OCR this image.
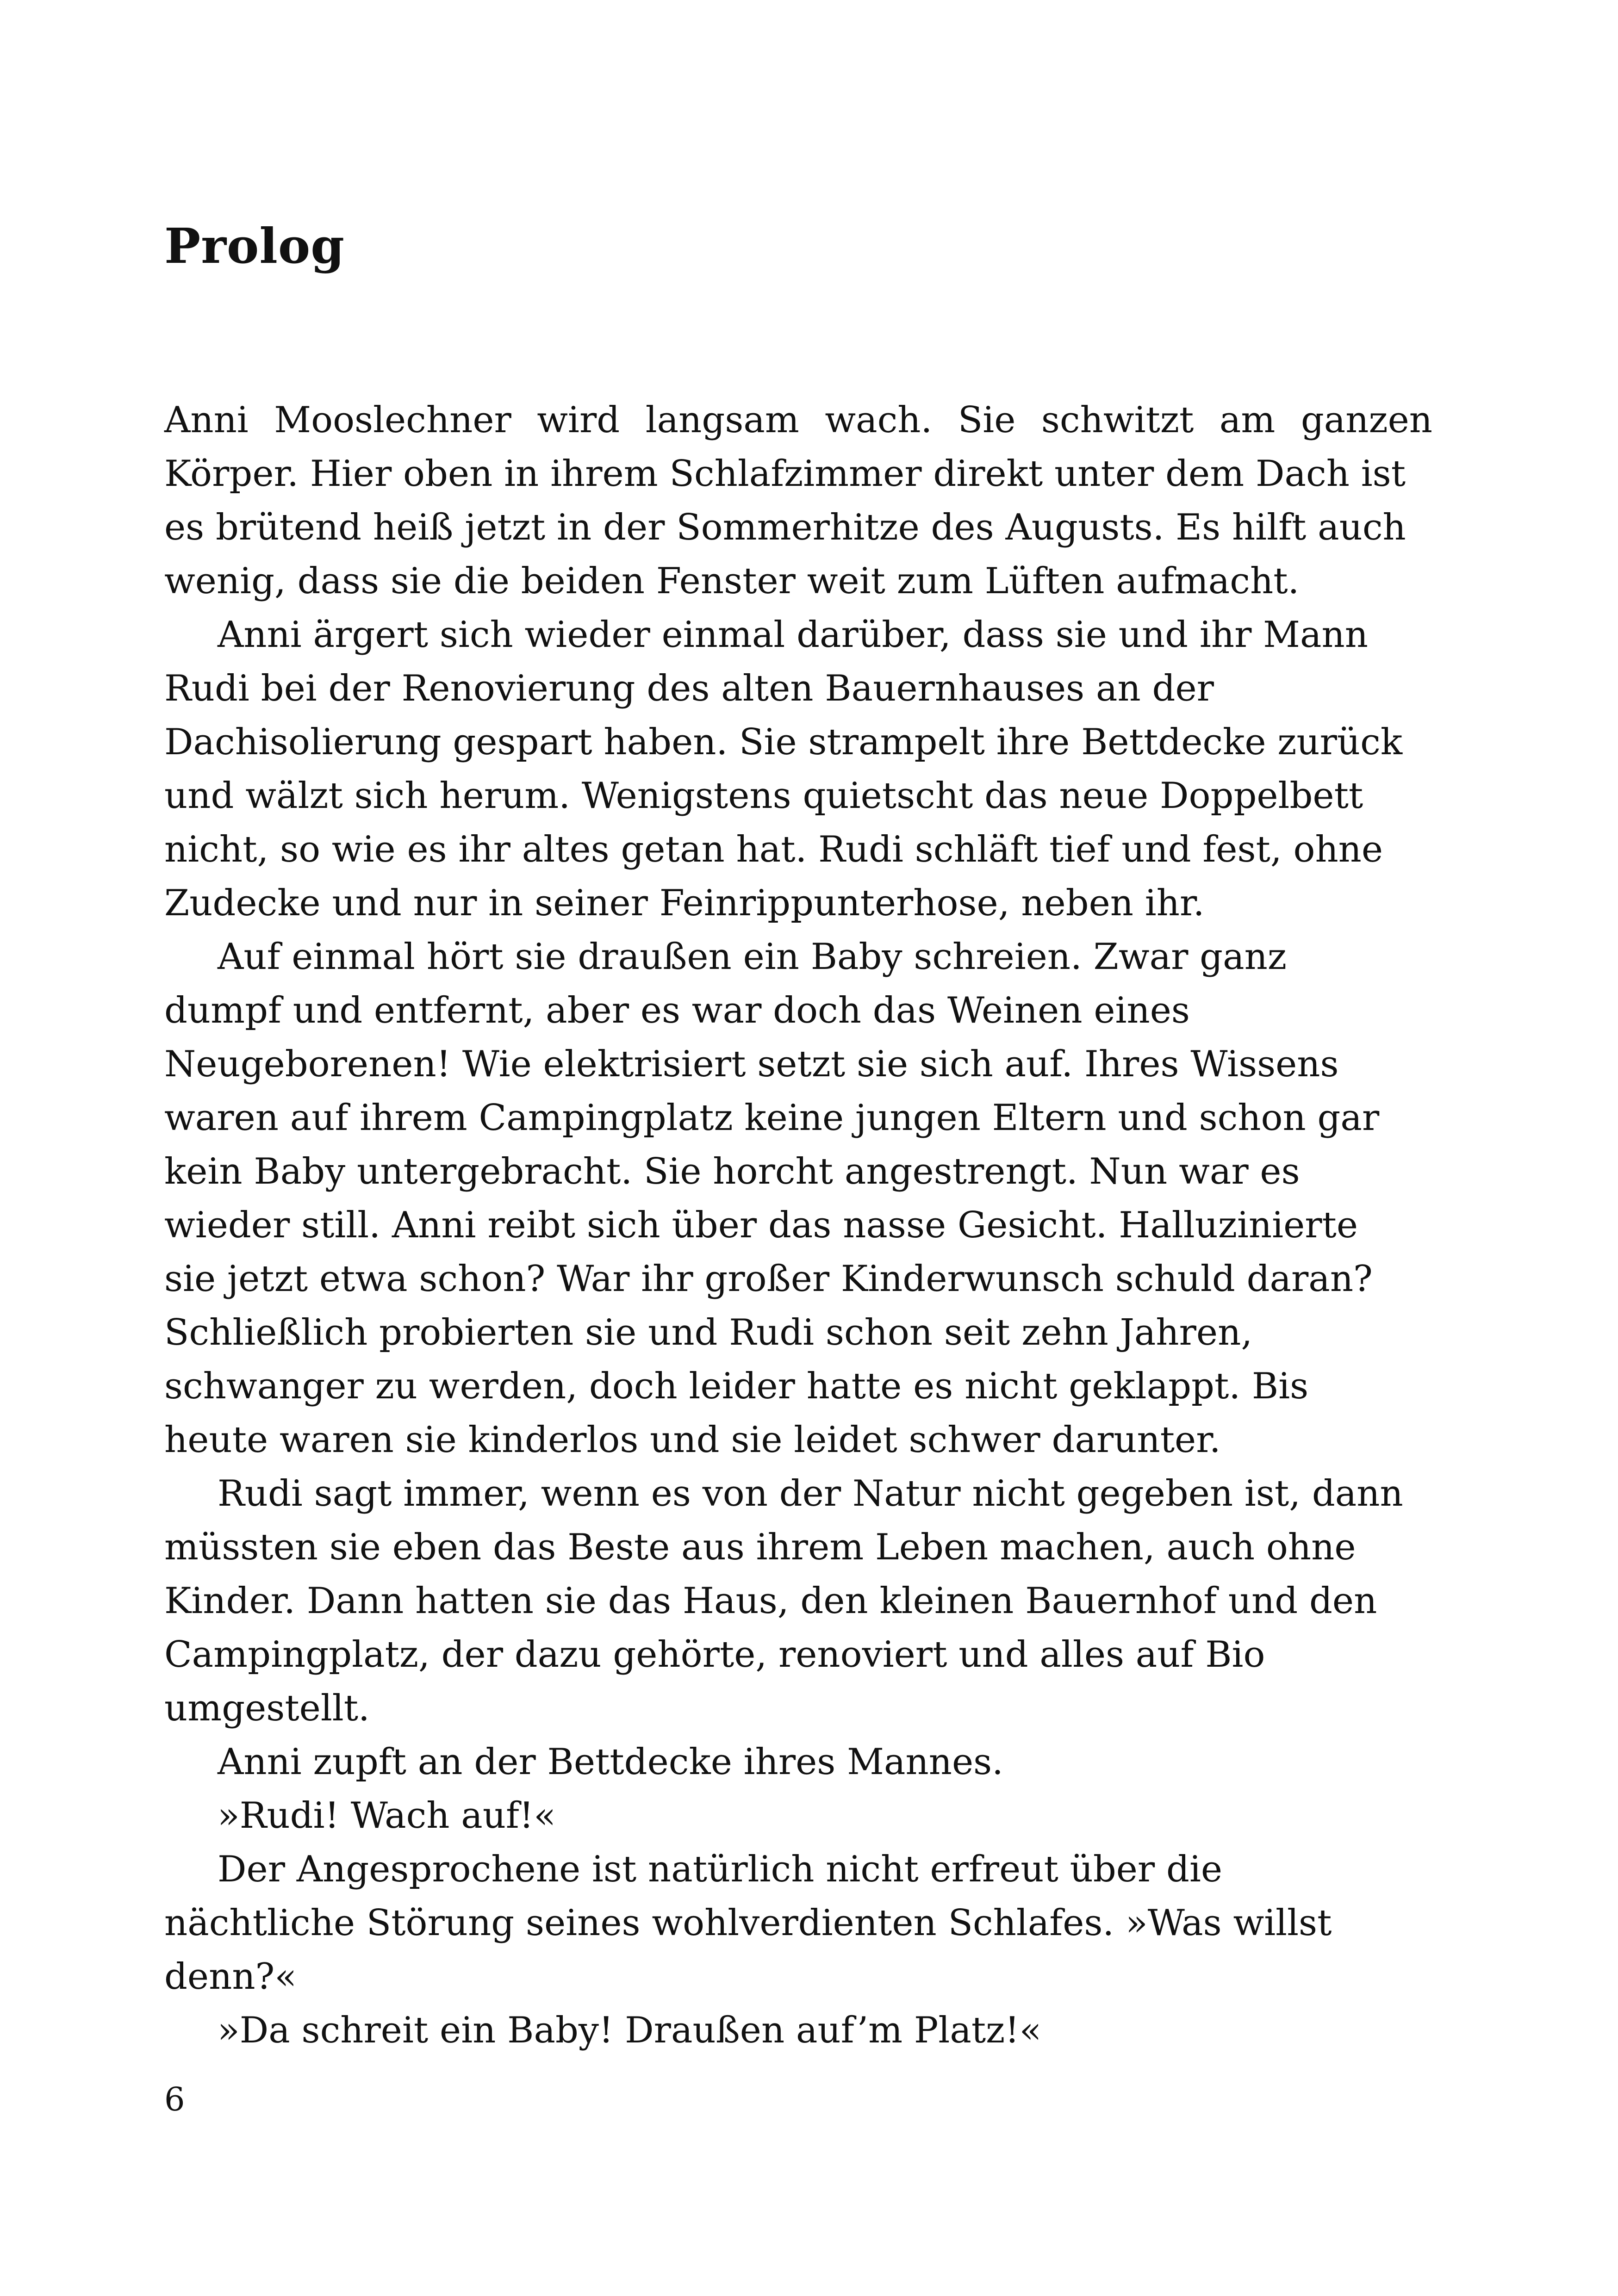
Prolog
Anni Mooslechner wird langsam wach. Sie schwitzt am ganzen
Körper. Hier oben in ihrem Schlafzimmer direkt unter dem Dach ist
es brütend heiß jetzt in der Sommerhitze des Augusts. Es hilft auch
wenig, dass sie die beiden Fenster weit zum Lüften aufmacht.
Anni ärgert sich wieder einmal darüber, dass sie und ihr Mann
Rudi bei der Renovierung des alten Bauernhauses an der
Dachisolierung gespart haben. Sie strampelt ihre Bettdecke zurück
und wälzt sich herum. Wenigstens quietscht das neue Doppelbett
nicht, so wie es ihr altes getan hat. Rudi schläft tief und fest, ohne
Zudecke und nur in seiner Feinrippunterhose, neben ihr.
Auf einmal hört sie draußen ein Baby schreien. Zwar ganz
dumpf und entfernt, aber es war doch das Weinen eines
Neugeborenen! Wie elektrisiert setzt sie sich auf. Ihres Wissens
waren auf ihrem Campingplatz keine jungen Eltern und schon gar
kein Baby untergebracht. Sie horcht angestrengt. Nun war es
wieder still. Anni reibt sich über das nasse Gesicht. Halluzinierte
sie jetzt etwa schon? War ihr großer Kinderwunsch schuld daran?
Schließlich probierten sie und Rudi schon seit zehn Jahren,
schwanger zu werden, doch leider hatte es nicht geklappt. Bis
heute waren sie kinderlos und sie leidet schwer darunter.
Rudi sagt immer, wenn es von der Natur nicht gegeben ist, dann
müssten sie eben das Beste aus ihrem Leben machen, auch ohne
Kinder. Dann hatten sie das Haus, den kleinen Bauernhof und den
Campingplatz, der dazu gehörte, renoviert und alles auf Bio
umgestellt.
Anni zupft an der Bettdecke ihres Mannes.
»Rudi! Wach auf!«
Der Angesprochene ist natürlich nicht erfreut über die
nächtliche Störung seines wohlverdienten Schlafes. »Was willst
denn?«
»Da schreit ein Baby! Draußen auf’m Platz!«
6
